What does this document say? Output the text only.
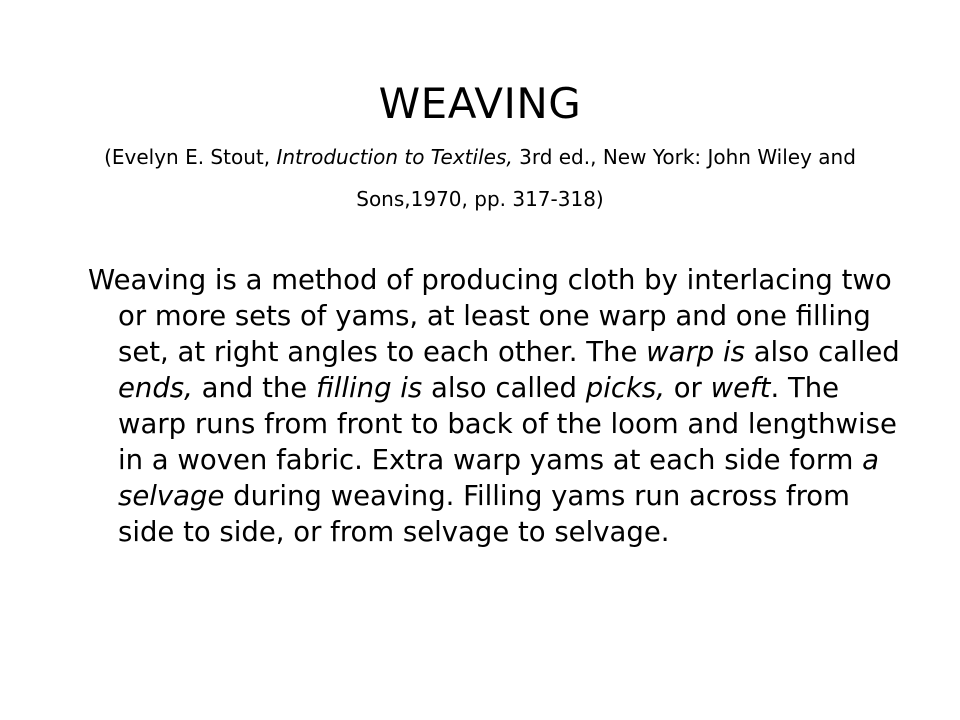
WEAVING
(Evelyn E. Stout, Introduction to Textiles, 3rd ed., New York: John Wiley and Sons,1970, pp. 317-318)
Weaving is a method of producing cloth by interlacing two or more sets of yams, at least one warp and one filling set, at right angles to each other. The warp is also called ends, and the filling is also called picks, or weft. The warp runs from front to back of the loom and lengthwise in a woven fabric. Extra warp yams at each side form a selvage during weaving. Filling yams run across from side to side, or from selvage to selvage.
